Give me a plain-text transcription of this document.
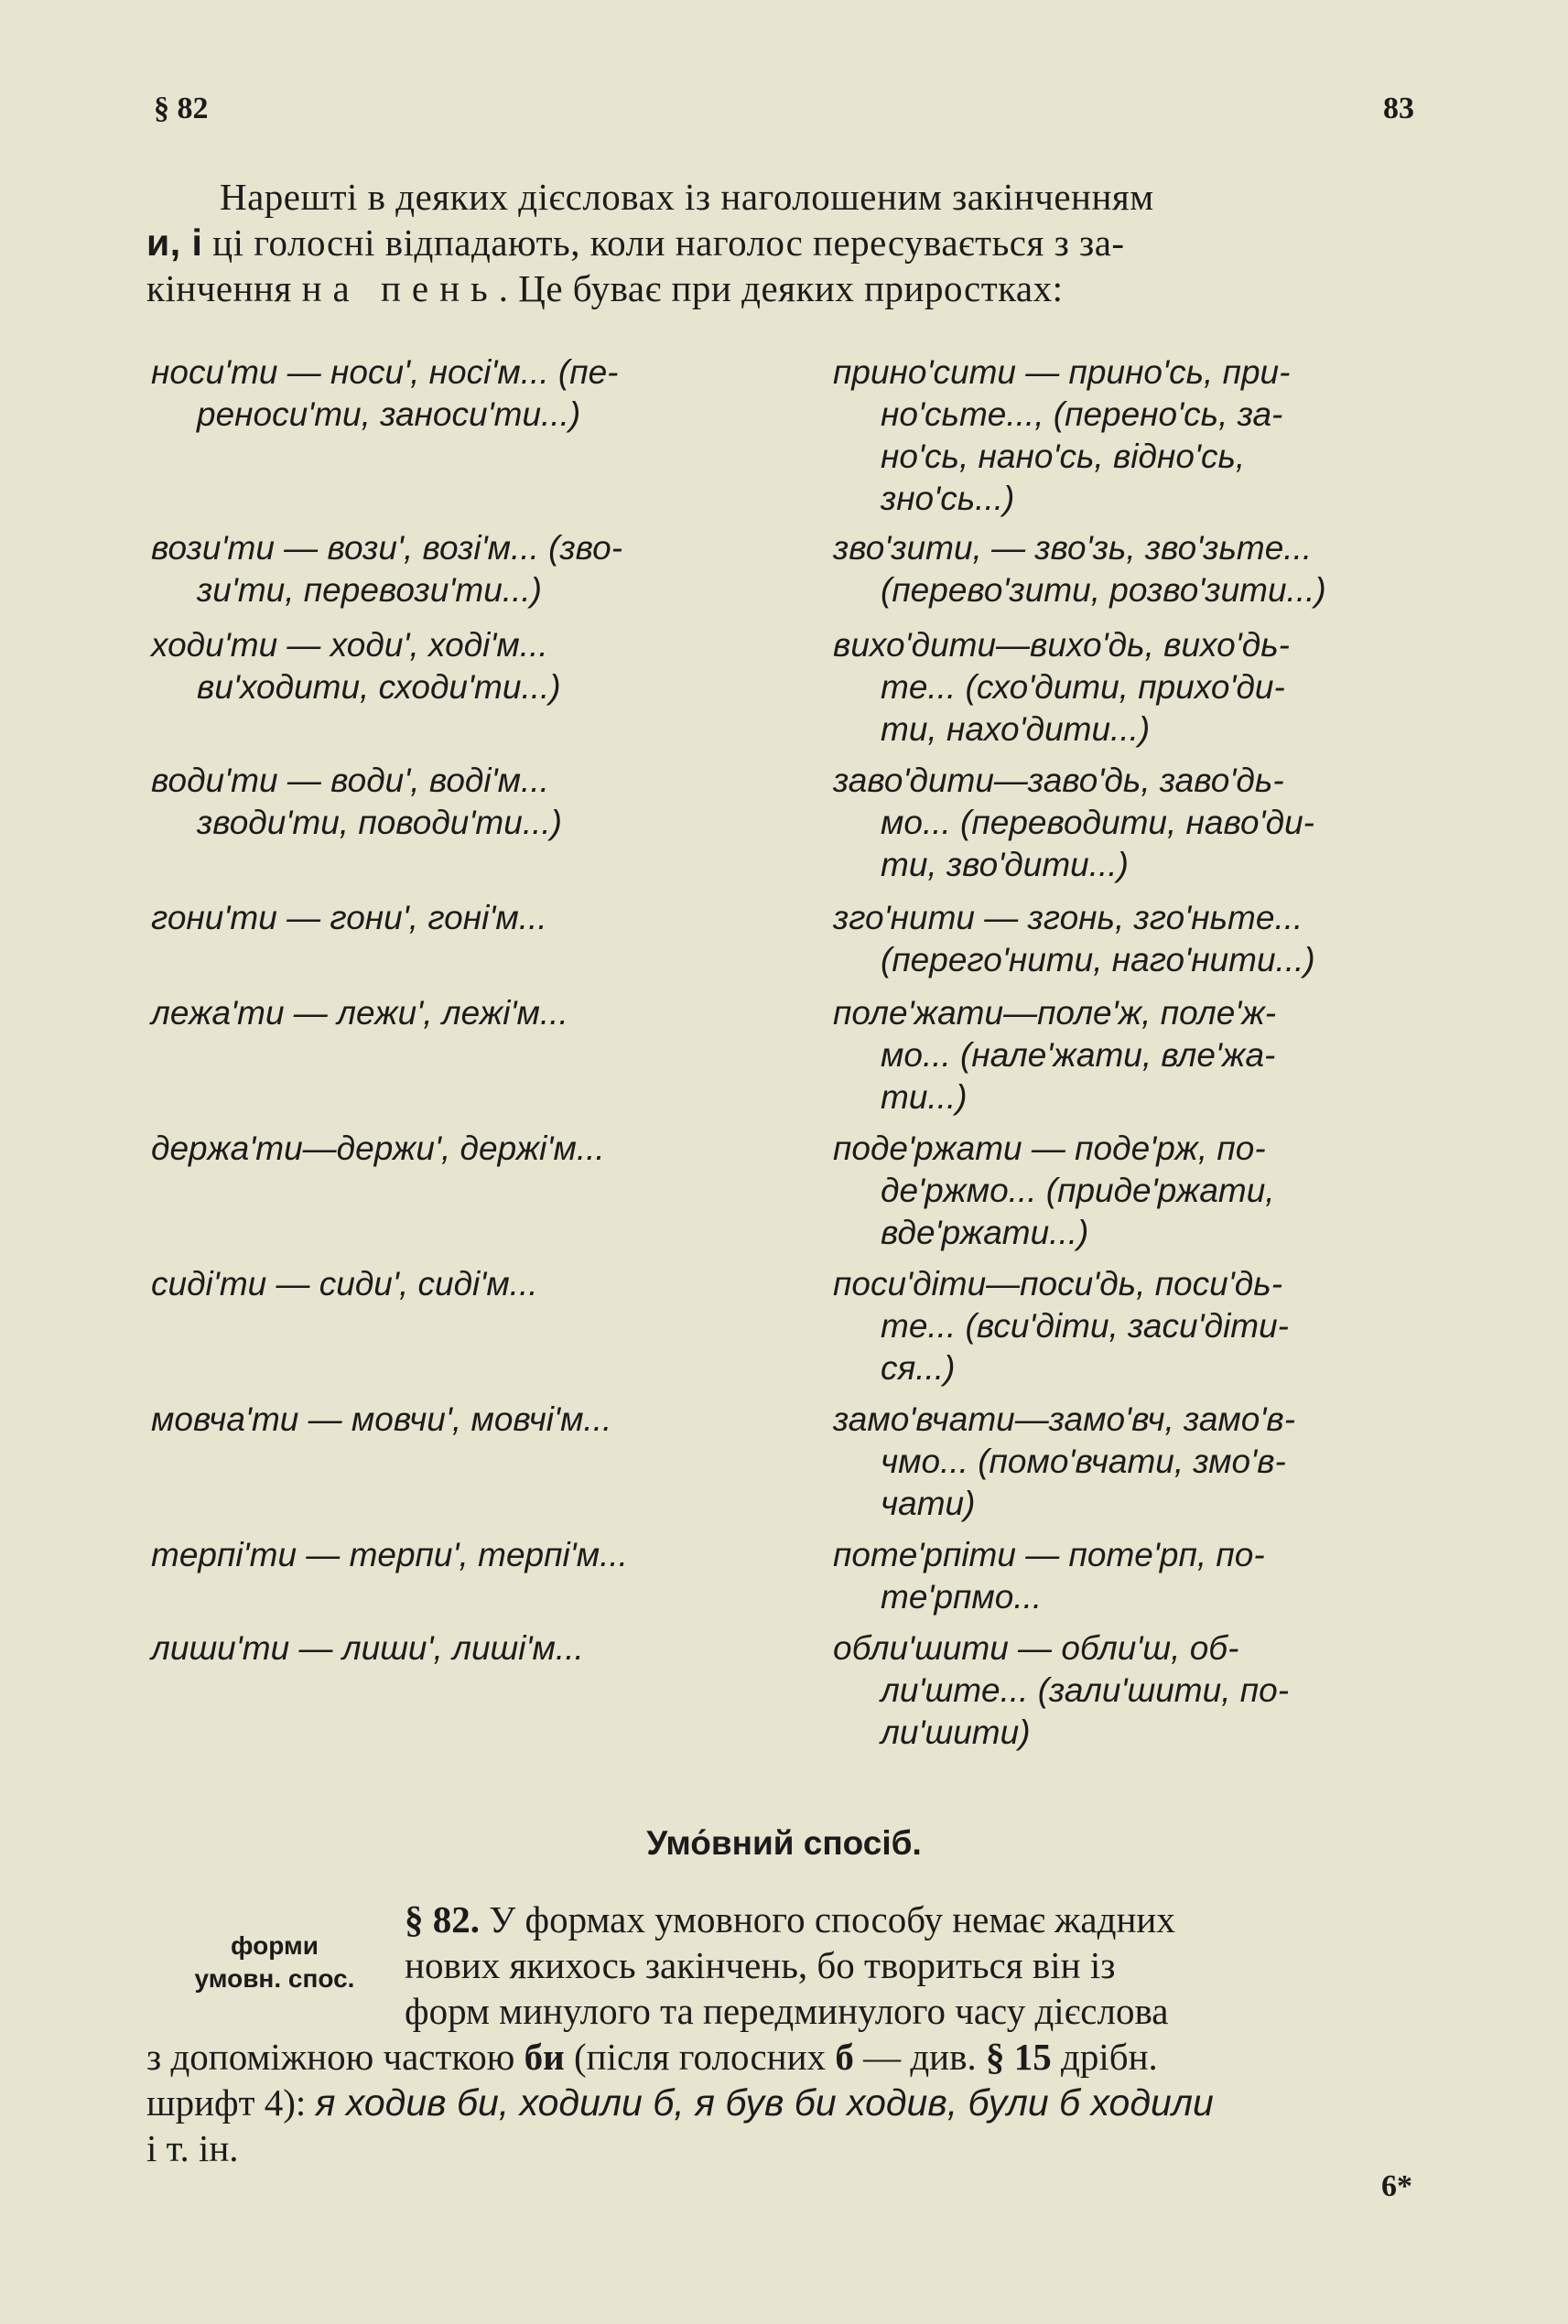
§ 82	83
Нарешті в деяких дієсловах із наголошеним закінченням
и, і ці голосні відпадають, коли наголос пересувається з за-
кінчення на пень. Це буває при деяких приростках:
носи'ти — носи', носі'м... (пе-
реноси'ти, заноси'ти...)
вози'ти — вози', возі'м... (зво-
зи'ти, перевози'ти...)
ходи'ти — ходи', ході'м...
ви'ходити, сходи'ти...)
води'ти — води', воді'м...
зводи'ти, поводи'ти...)
гони'ти — гони', гоні'м...
лежа'ти — лежи', лежі'м...
держа'ти—держи', держі'м...
сиді'ти — сиди', сиді'м...
мовча'ти — мовчи', мовчі'м...
терпі'ти — терпи', терпі'м...
лиши'ти — лиши', лиші'м...
прино'сити — прино'сь, при-
но'сьте..., (перено'сь, за-
но'сь, нано'сь, відно'сь,
зно'сь...)
зво'зити, — зво'зь, зво'зьте...
(перево'зити, розво'зити...)
вихо'дити—вихо'дь, вихо'дь-
те... (схо'дити, прихо'ди-
ти, нахо'дити...)
заво'дити—заво'дь, заво'дь-
мо... (переводити, наво'ди-
ти, зво'дити...)
зго'нити — згонь, зго'ньте...
(перего'нити, наго'нити...)
поле'жати—поле'ж, поле'ж-
мо... (нале'жати, вле'жа-
ти...)
поде'ржати — поде'рж, по-
де'ржмо... (приде'ржати,
вде'ржати...)
поси'діти—поси'дь, поси'дь-
те... (вси'діти, заси'діти-
ся...)
замо'вчати—замо'вч, замо'в-
чмо... (помо'вчати, змо'в-
чати)
поте'рпіти — поте'рп, по-
те'рпмо...
обли'шити — обли'ш, об-
ли'ште... (зали'шити, по-
ли'шити)
Умо́вний спосіб.
форми
умовн. спос.
§ 82. У формах умовного способу немає жадних
нових якихось закінчень, бо твориться він із
форм минулого та передминулого часу дієслова
з допоміжною часткою би (після голосних б — див. § 15 дрібн.
шрифт 4): я ходив би, ходили б, я був би ходив, були б ходили
і т. ін.
6*
